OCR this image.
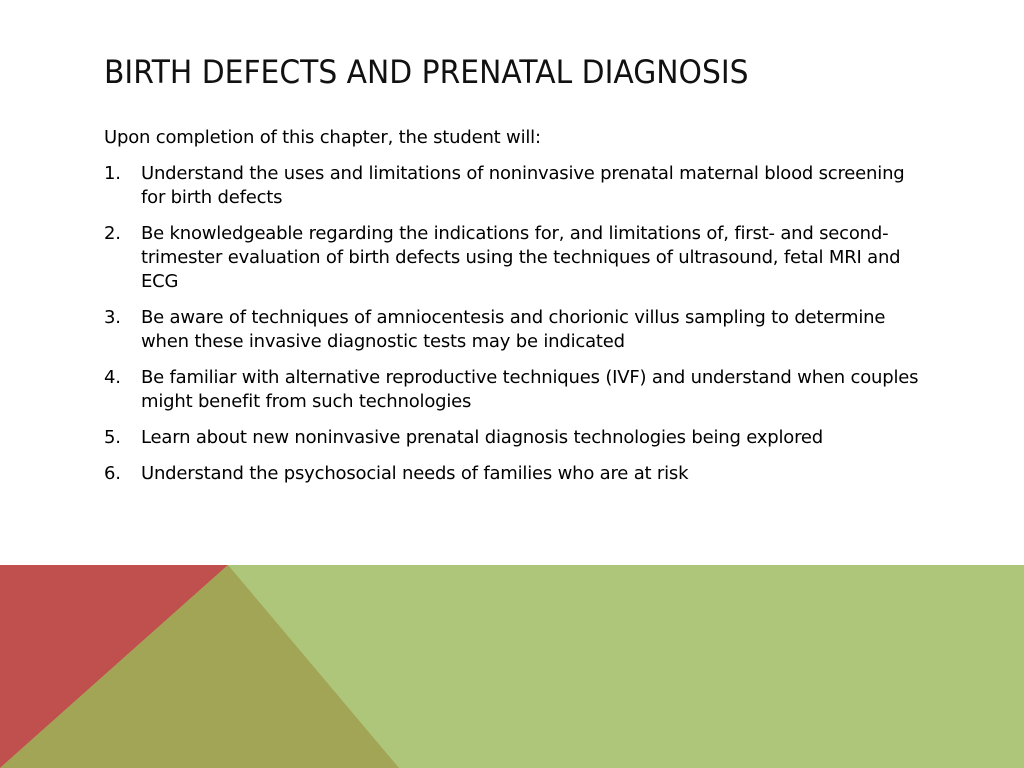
BIRTH DEFECTS AND PRENATAL DIAGNOSIS

Upon completion of this chapter, the student will:

1.	Understand the uses and limitations of noninvasive prenatal maternal blood screening for birth defects
2.	Be knowledgeable regarding the indications for, and limitations of, first- and second-trimester evaluation of birth defects using the techniques of ultrasound, fetal MRI and ECG
3.	Be aware of techniques of amniocentesis and chorionic villus sampling to determine when these invasive diagnostic tests may be indicated
4.	Be familiar with alternative reproductive techniques (IVF) and understand when couples might benefit from such technologies
5.	Learn about new noninvasive prenatal diagnosis technologies being explored
6.	Understand the psychosocial needs of families who are at risk
